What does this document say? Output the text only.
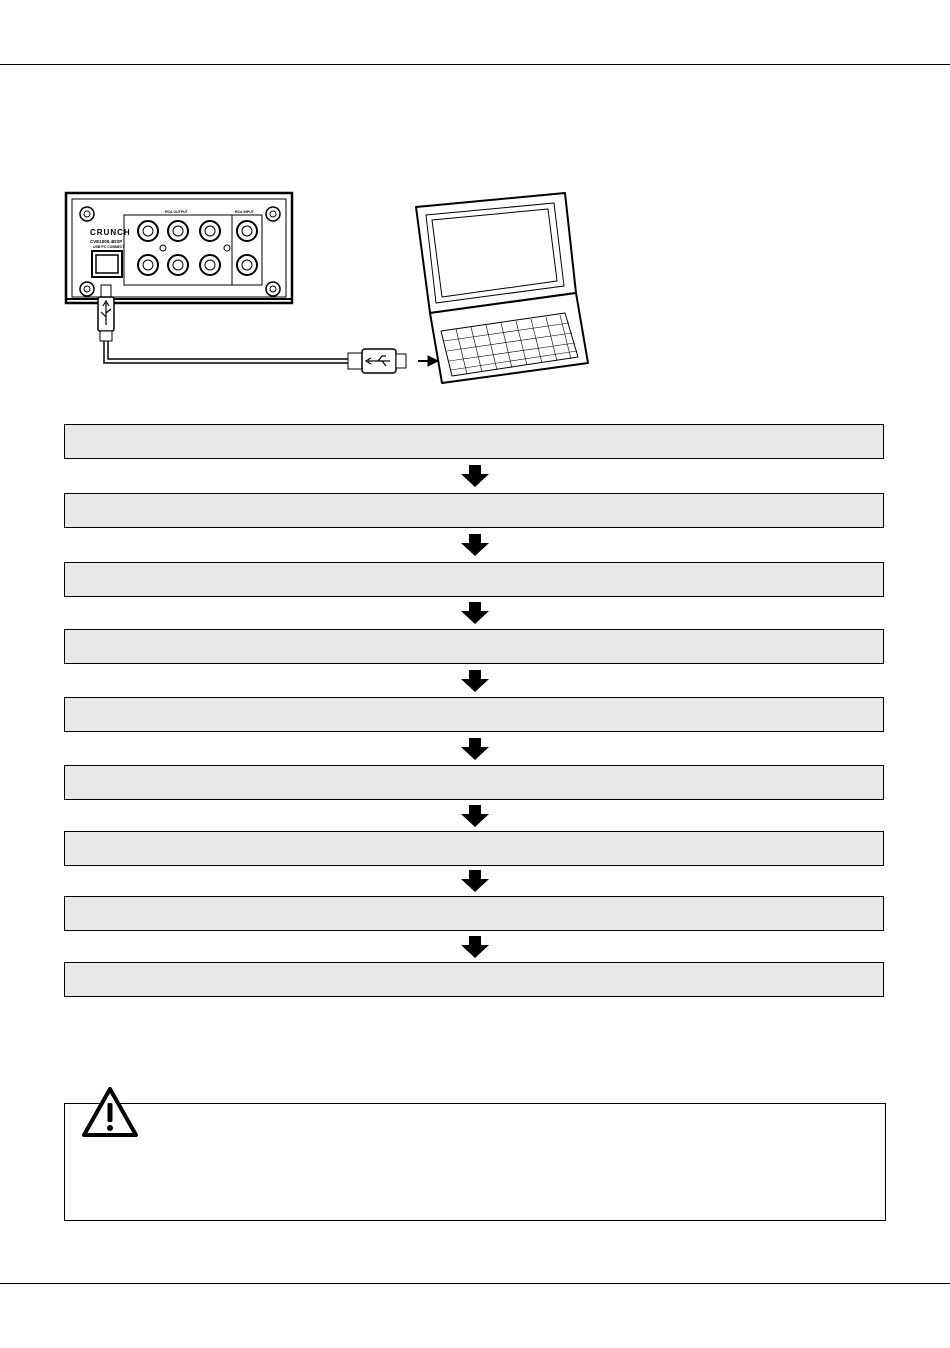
CRUNCH
CVE1000.4DSP
USB PC CONNECT
RCA OUTPUT	RCA INPUT
